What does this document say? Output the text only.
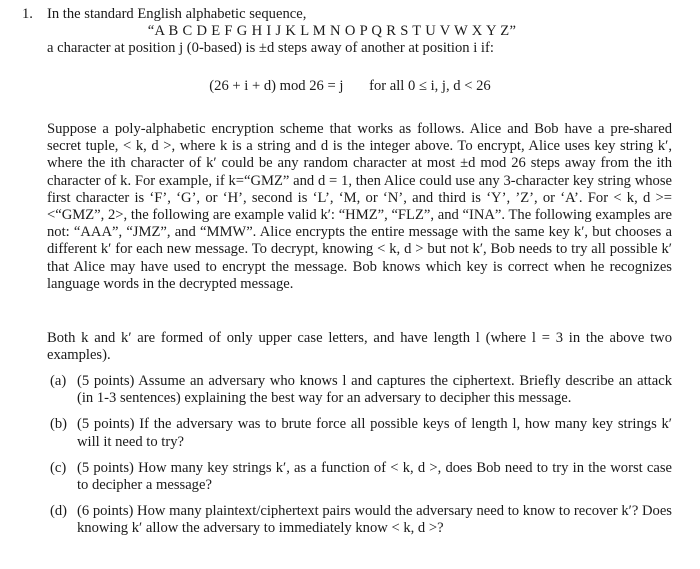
1. In the standard English alphabetic sequence,
“A B C D E F G H I J K L M N O P Q R S T U V W X Y Z”
a character at position j (0-based) is ±d steps away of another at position i if:
(26 + i + d) mod 26 = j for all 0 ≤ i, j, d < 26
Suppose a poly-alphabetic encryption scheme that works as follows. Alice and Bob have a pre-shared secret tuple, < k, d >, where k is a string and d is the integer above. To encrypt, Alice uses key string k′, where the ith character of k′ could be any random character at most ±d mod 26 steps away from the ith character of k. For example, if k=“GMZ” and d = 1, then Alice could use any 3-character key string whose first character is ‘F’, ‘G’, or ‘H’, second is ‘L’, ‘M, or ‘N’, and third is ‘Y’, ’Z’, or ‘A’. For < k, d >=<“GMZ”, 2>, the following are example valid k′: “HMZ”, “FLZ”, and “INA”. The following examples are not: “AAA”, “JMZ”, and “MMW”. Alice encrypts the entire message with the same key k′, but chooses a different k′ for each new message. To decrypt, knowing < k, d > but not k′, Bob needs to try all possible k′ that Alice may have used to encrypt the message. Bob knows which key is correct when he recognizes language words in the decrypted message.
Both k and k′ are formed of only upper case letters, and have length l (where l = 3 in the above two examples).
(a) (5 points) Assume an adversary who knows l and captures the ciphertext. Briefly describe an attack (in 1-3 sentences) explaining the best way for an adversary to decipher this message.
(b) (5 points) If the adversary was to brute force all possible keys of length l, how many key strings k′ will it need to try?
(c) (5 points) How many key strings k′, as a function of < k, d >, does Bob need to try in the worst case to decipher a message?
(d) (6 points) How many plaintext/ciphertext pairs would the adversary need to know to recover k′? Does knowing k′ allow the adversary to immediately know < k, d >?
